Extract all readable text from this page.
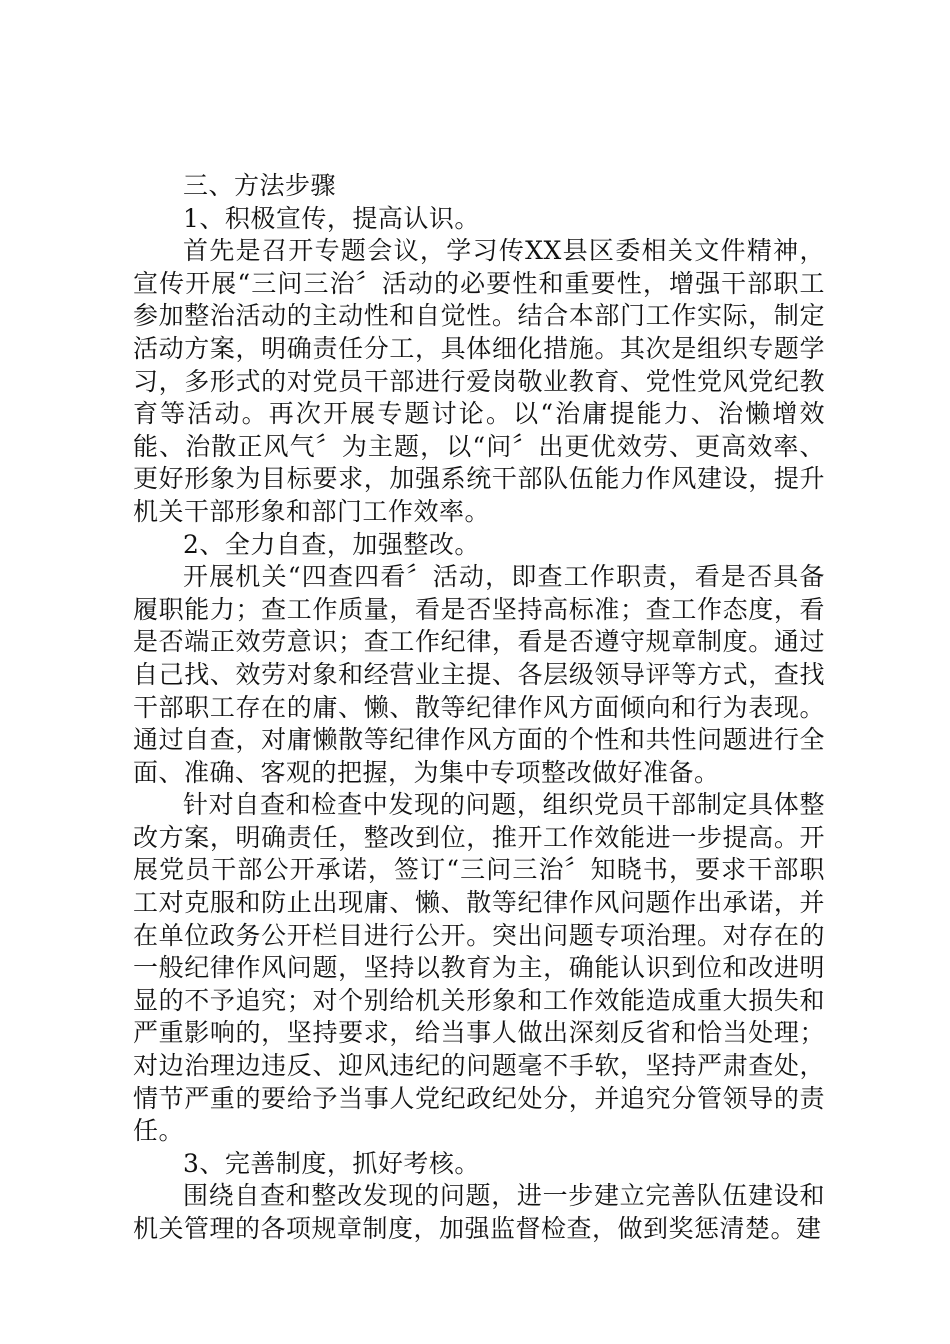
三、方法步骤

1、积极宣传，提高认识。

首先是召开专题会议，学习传XX县区委相关文件精神，宣传开展“三问三治〞活动的必要性和重要性，增强干部职工参加整治活动的主动性和自觉性。结合本部门工作实际，制定活动方案，明确责任分工，具体细化措施。其次是组织专题学习，多形式的对党员干部进行爱岗敬业教育、党性党风党纪教育等活动。再次开展专题讨论。以“治庸提能力、治懒增效能、治散正风气〞为主题，以“问〞出更优效劳、更高效率、更好形象为目标要求，加强系统干部队伍能力作风建设，提升机关干部形象和部门工作效率。

2、全力自查，加强整改。

开展机关“四查四看〞活动，即查工作职责，看是否具备履职能力；查工作质量，看是否坚持高标准；查工作态度，看是否端正效劳意识；查工作纪律，看是否遵守规章制度。通过自己找、效劳对象和经营业主提、各层级领导评等方式，查找干部职工存在的庸、懒、散等纪律作风方面倾向和行为表现。通过自查，对庸懒散等纪律作风方面的个性和共性问题进行全面、准确、客观的把握，为集中专项整改做好准备。

针对自查和检查中发现的问题，组织党员干部制定具体整改方案，明确责任，整改到位，推开工作效能进一步提高。开展党员干部公开承诺，签订“三问三治〞知晓书，要求干部职工对克服和防止出现庸、懒、散等纪律作风问题作出承诺，并在单位政务公开栏目进行公开。突出问题专项治理。对存在的一般纪律作风问题，坚持以教育为主，确能认识到位和改进明显的不予追究；对个别给机关形象和工作效能造成重大损失和严重影响的，坚持要求，给当事人做出深刻反省和恰当处理；对边治理边违反、迎风违纪的问题毫不手软，坚持严肃查处，情节严重的要给予当事人党纪政纪处分，并追究分管领导的责任。

3、完善制度，抓好考核。

围绕自查和整改发现的问题，进一步建立完善队伍建设和机关管理的各项规章制度，加强监督检查，做到奖惩清楚。建
